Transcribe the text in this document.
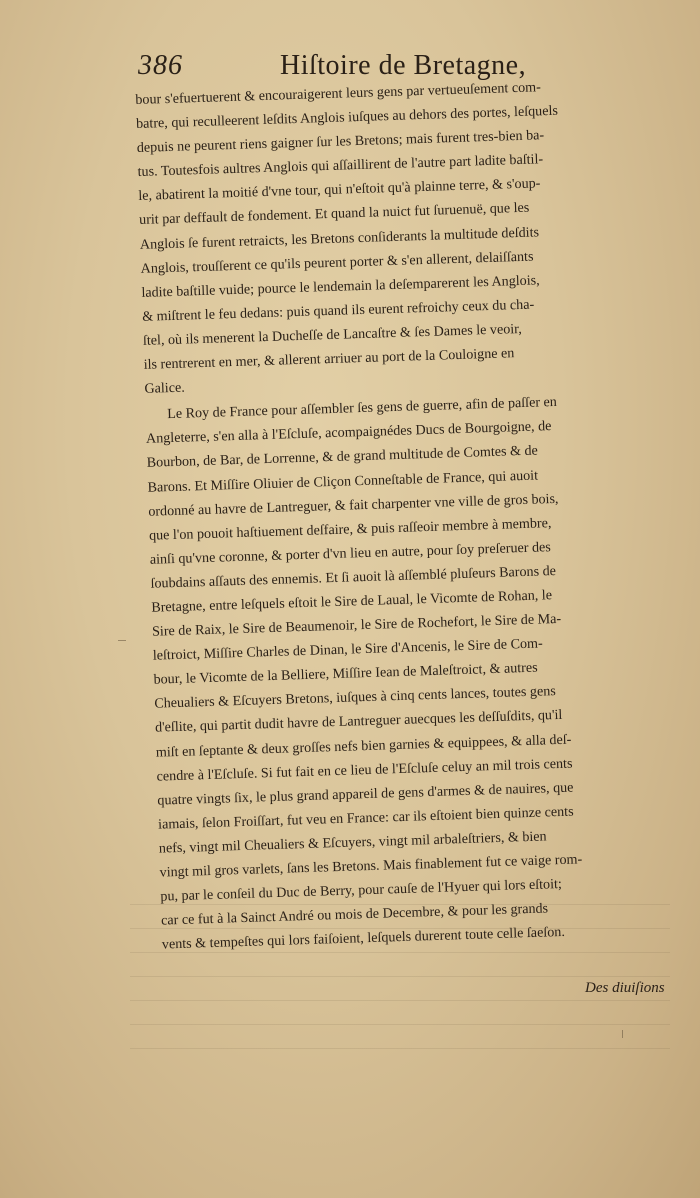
386	Hiſtoire de Bretagne,
bour s'efuertuerent & encouraigerent leurs gens par vertueuſement com-
batre, qui reculleerent leſdits Anglois iuſques au dehors des portes, leſquels
depuis ne peurent riens gaigner ſur les Bretons; mais furent tres-bien ba-
tus. Toutesfois aultres Anglois qui aſſaillirent de l'autre part ladite baſtil-
le, abatirent la moitié d'vne tour, qui n'eſtoit qu'à plainne terre, & s'oup-
urit par deffault de fondement. Et quand la nuict fut ſuruenuë, que les
Anglois ſe furent retraicts, les Bretons conſiderants la multitude deſdits
Anglois, trouſſerent ce qu'ils peurent porter & s'en allerent, delaiſſants
ladite baſtille vuide; pource le lendemain la deſemparerent les Anglois,
& miſtrent le feu dedans: puis quand ils eurent refroichy ceux du cha-
ſtel, où ils menerent la Ducheſſe de Lancaſtre & ſes Dames le veoir,
ils rentrerent en mer, & allerent arriuer au port de la Couloigne en
Galice.
Le Roy de France pour aſſembler ſes gens de guerre, afin de paſſer en
Angleterre, s'en alla à l'Eſcluſe, acompaignédes Ducs de Bourgoigne, de
Bourbon, de Bar, de Lorrenne, & de grand multitude de Comtes & de
Barons. Et Miſſire Oliuier de Cliçon Conneſtable de France, qui auoit
ordonné au havre de Lantreguer, & fait charpenter vne ville de gros bois,
que l'on pouoit haſtiuement deſfaire, & puis raſſeoir membre à membre,
ainſi qu'vne coronne, & porter d'vn lieu en autre, pour ſoy preſeruer des
ſoubdains aſſauts des ennemis. Et ſi auoit là aſſemblé pluſeurs Barons de
Bretagne, entre leſquels eſtoit le Sire de Laual, le Vicomte de Rohan, le
Sire de Raix, le Sire de Beaumenoir, le Sire de Rochefort, le Sire de Ma-
leſtroict, Miſſire Charles de Dinan, le Sire d'Ancenis, le Sire de Com-
bour, le Vicomte de la Belliere, Miſſire Iean de Maleſtroict, & autres
Cheualiers & Eſcuyers Bretons, iuſques à cinq cents lances, toutes gens
d'eſlite, qui partit dudit havre de Lantreguer auecques les deſſuſdits, qu'il
miſt en ſeptante & deux groſſes nefs bien garnies & equippees, & alla deſ-
cendre à l'Eſcluſe. Si fut fait en ce lieu de l'Eſcluſe celuy an mil trois cents
quatre vingts ſix, le plus grand appareil de gens d'armes & de nauires, que
iamais, ſelon Froiſſart, fut veu en France: car ils eſtoient bien quinze cents
nefs, vingt mil Cheualiers & Eſcuyers, vingt mil arbaleſtriers, & bien
vingt mil gros varlets, ſans les Bretons. Mais finablement fut ce vaige rom-
pu, par le conſeil du Duc de Berry, pour cauſe de l'Hyuer qui lors eſtoit;
car ce fut à la Sainct André ou mois de Decembre, & pour les grands
vents & tempeſtes qui lors faiſoient, leſquels durerent toute celle ſaeſon.
Des diuiſions
